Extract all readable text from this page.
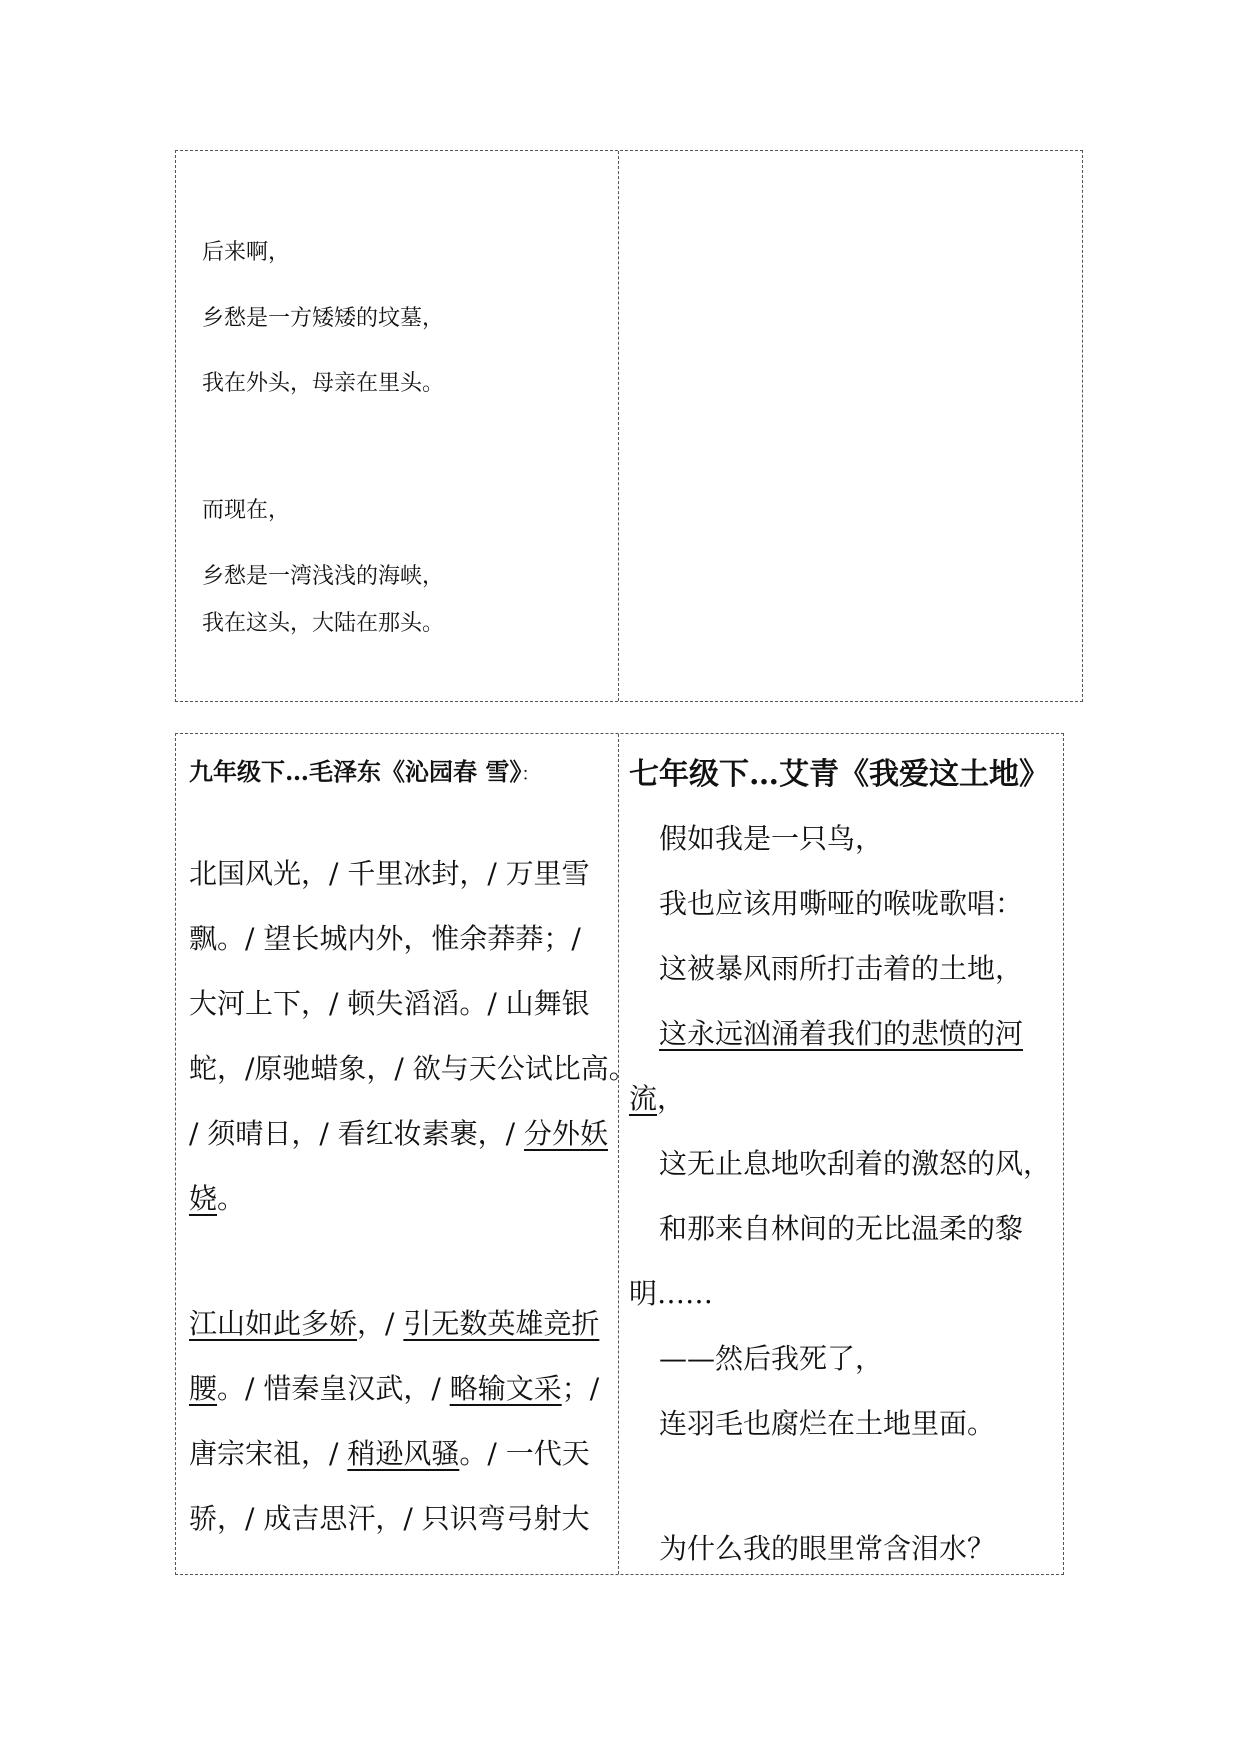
后来啊，
乡愁是一方矮矮的坟墓，
我在外头，母亲在里头。
而现在，
乡愁是一湾浅浅的海峡，
我在这头，大陆在那头。
九年级下…毛泽东《沁园春 雪》：
北国风光，/ 千里冰封，/ 万里雪
飘。/ 望长城内外，惟余莽莽；/
大河上下，/ 顿失滔滔。/ 山舞银
蛇，/原驰蜡象，/ 欲与天公试比高。
/ 须晴日，/ 看红妆素裹，/ 分外妖
娆。
江山如此多娇，/ 引无数英雄竞折
腰。/ 惜秦皇汉武，/ 略输文采；/
唐宗宋祖，/ 稍逊风骚。/ 一代天
骄，/ 成吉思汗，/ 只识弯弓射大
七年级下…艾青《我爱这土地》
假如我是一只鸟，
我也应该用嘶哑的喉咙歌唱：
这被暴风雨所打击着的土地，
这永远汹涌着我们的悲愤的河
流，
这无止息地吹刮着的激怒的风，
和那来自林间的无比温柔的黎
明……
——然后我死了，
连羽毛也腐烂在土地里面。
为什么我的眼里常含泪水？
